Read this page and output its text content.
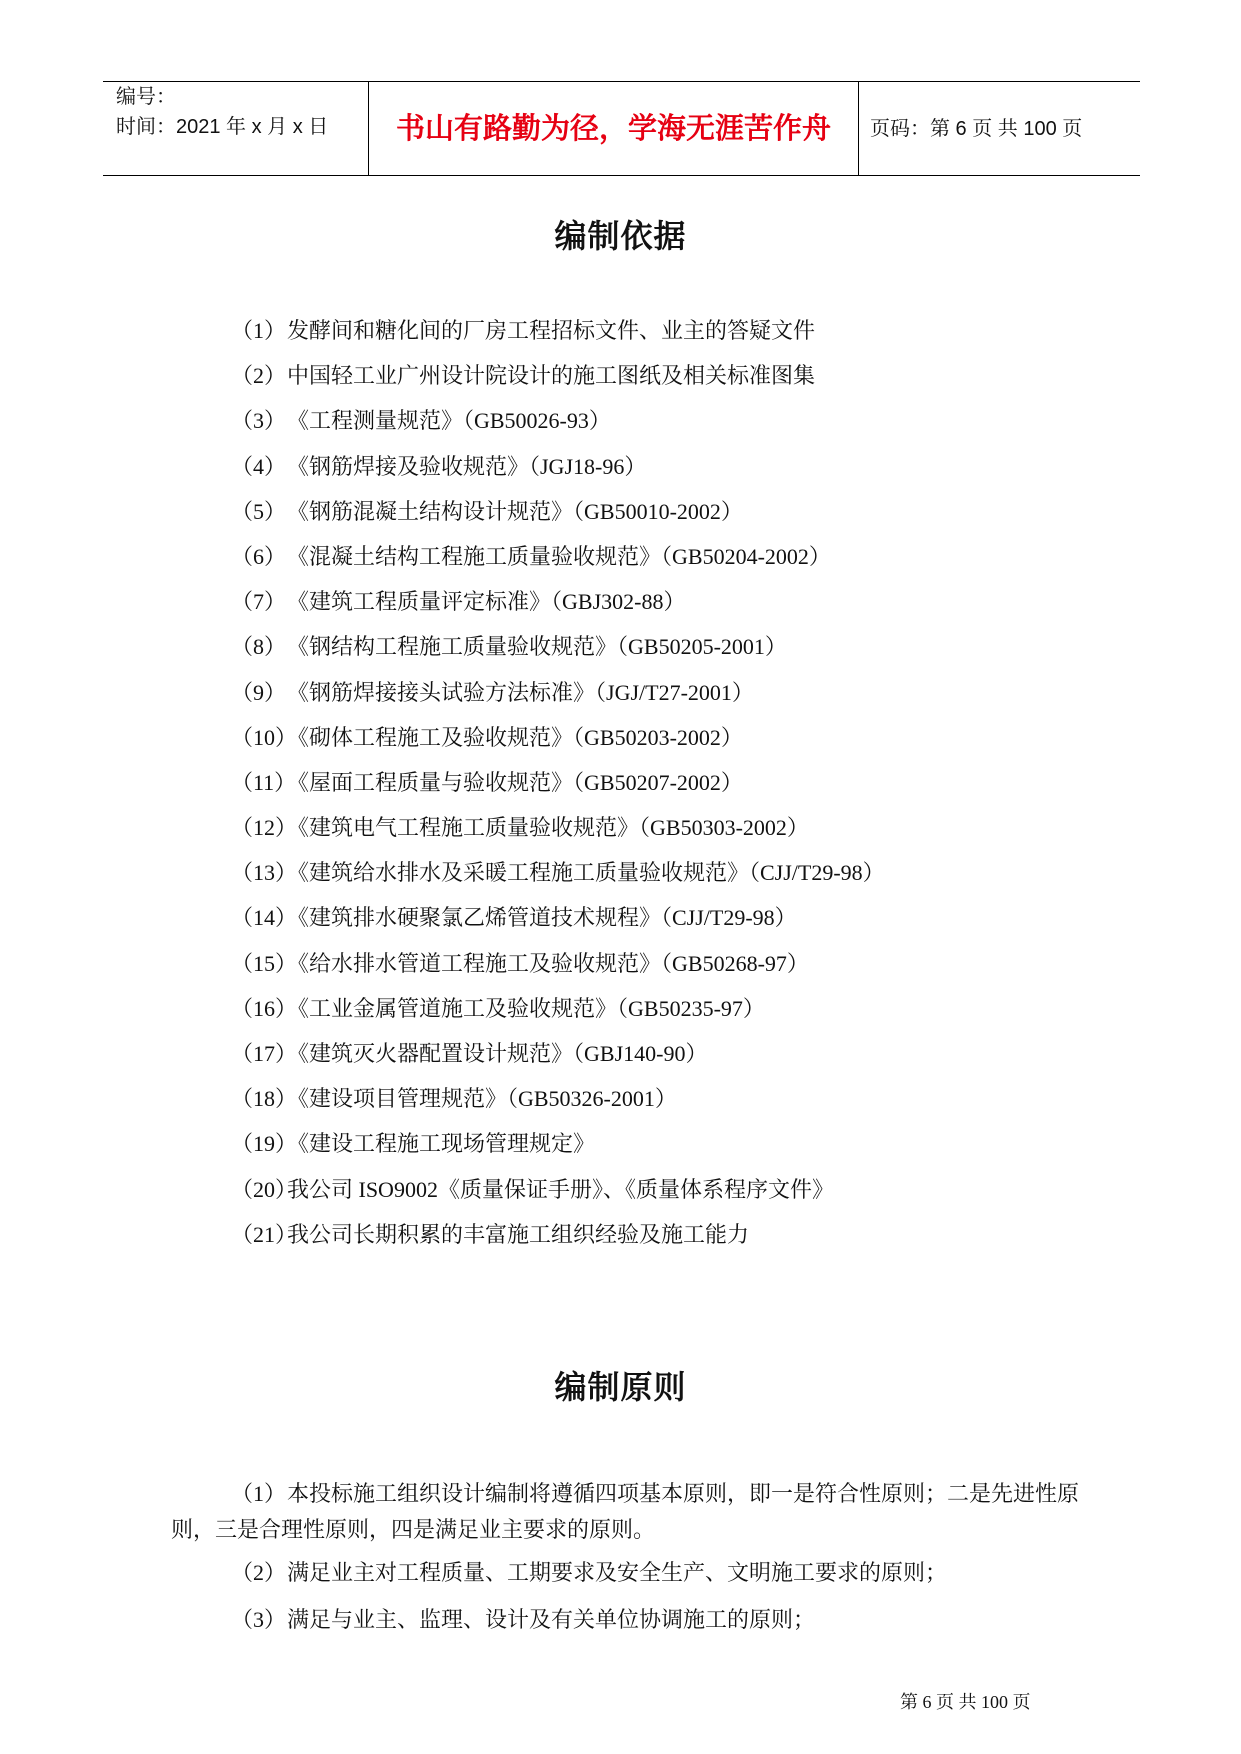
编号：
时间：2021 年 x 月 x 日	书山有路勤为径，学海无涯苦作舟	页码：第 6 页 共 100 页
编制依据
（1）发酵间和糖化间的厂房工程招标文件、业主的答疑文件
（2）中国轻工业广州设计院设计的施工图纸及相关标准图集
（3）《工程测量规范》（GB50026-93）
（4）《钢筋焊接及验收规范》（JGJ18-96）
（5）《钢筋混凝土结构设计规范》（GB50010-2002）
（6）《混凝土结构工程施工质量验收规范》（GB50204-2002）
（7）《建筑工程质量评定标准》（GBJ302-88）
（8）《钢结构工程施工质量验收规范》（GB50205-2001）
（9）《钢筋焊接接头试验方法标准》（JGJ/T27-2001）
（10）《砌体工程施工及验收规范》（GB50203-2002）
（11）《屋面工程质量与验收规范》（GB50207-2002）
（12）《建筑电气工程施工质量验收规范》（GB50303-2002）
（13）《建筑给水排水及采暖工程施工质量验收规范》（CJJ/T29-98）
（14）《建筑排水硬聚氯乙烯管道技术规程》（CJJ/T29-98）
（15）《给水排水管道工程施工及验收规范》（GB50268-97）
（16）《工业金属管道施工及验收规范》（GB50235-97）
（17）《建筑灭火器配置设计规范》（GBJ140-90）
（18）《建设项目管理规范》（GB50326-2001）
（19）《建设工程施工现场管理规定》
（20）我公司 ISO9002《质量保证手册》、《质量体系程序文件》
（21）我公司长期积累的丰富施工组织经验及施工能力
编制原则
（1）本投标施工组织设计编制将遵循四项基本原则，即一是符合性原则；二是先进性原
则，三是合理性原则，四是满足业主要求的原则。
（2）满足业主对工程质量、工期要求及安全生产、文明施工要求的原则；
（3）满足与业主、监理、设计及有关单位协调施工的原则；
第 6 页 共 100 页
